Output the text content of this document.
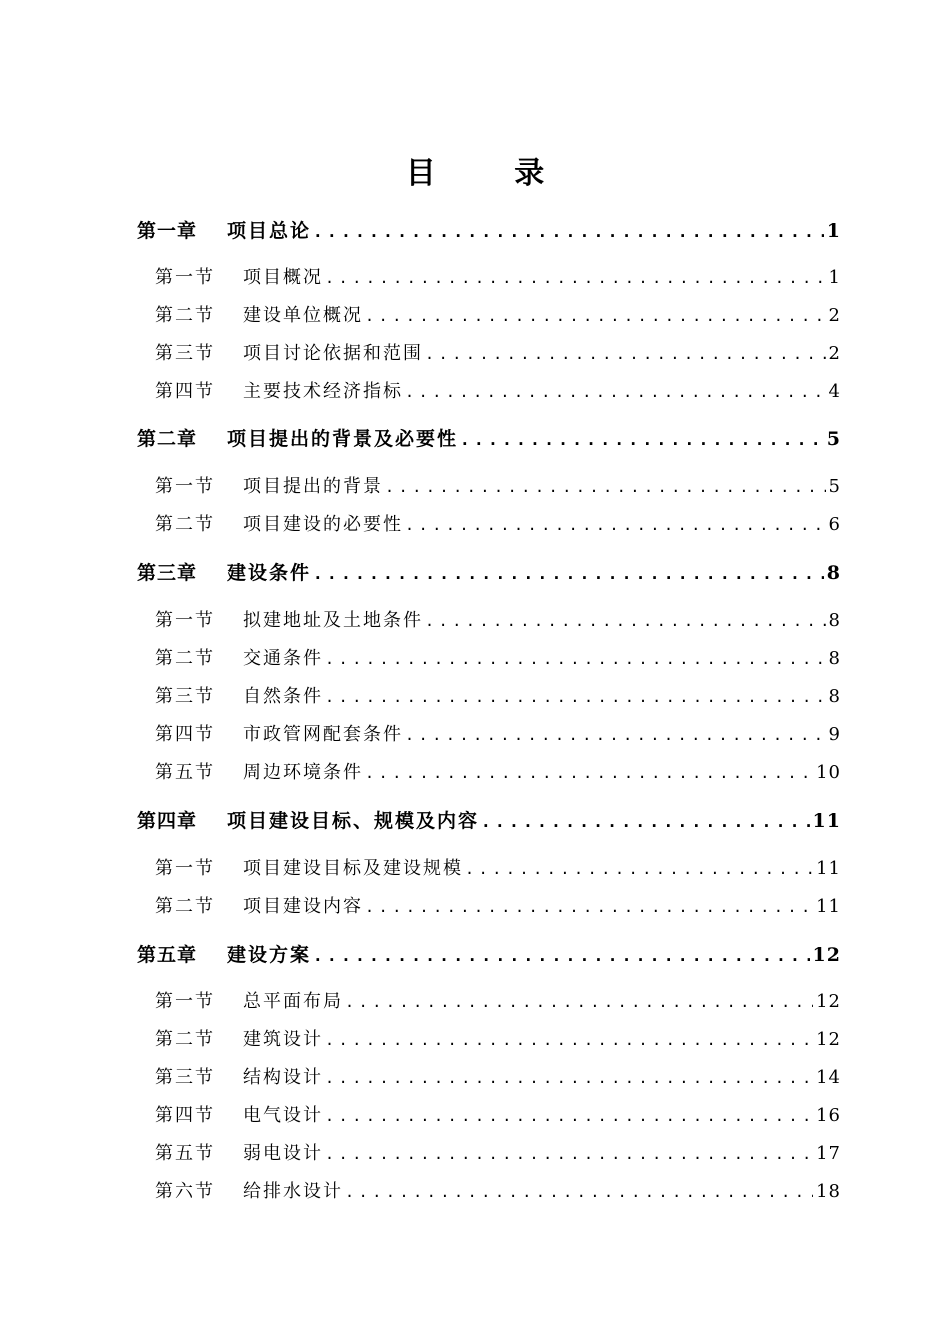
目 录
第一章 项目总论 .....	1
第一节 项目概况 .....	1
第二节 建设单位概况 .....	2
第三节 项目讨论依据和范围 .....	2
第四节 主要技术经济指标 .....	4
第二章 项目提出的背景及必要性 .....	5
第一节 项目提出的背景 .....	5
第二节 项目建设的必要性 .....	6
第三章 建设条件 .....	8
第一节 拟建地址及土地条件 .....	8
第二节 交通条件 .....	8
第三节 自然条件 .....	8
第四节 市政管网配套条件 .....	9
第五节 周边环境条件 .....	10
第四章 项目建设目标、规模及内容 .....	11
第一节 项目建设目标及建设规模 .....	11
第二节 项目建设内容 .....	11
第五章 建设方案 .....	12
第一节 总平面布局 .....	12
第二节 建筑设计 .....	12
第三节 结构设计 .....	14
第四节 电气设计 .....	16
第五节 弱电设计 .....	17
第六节 给排水设计 .....	18
